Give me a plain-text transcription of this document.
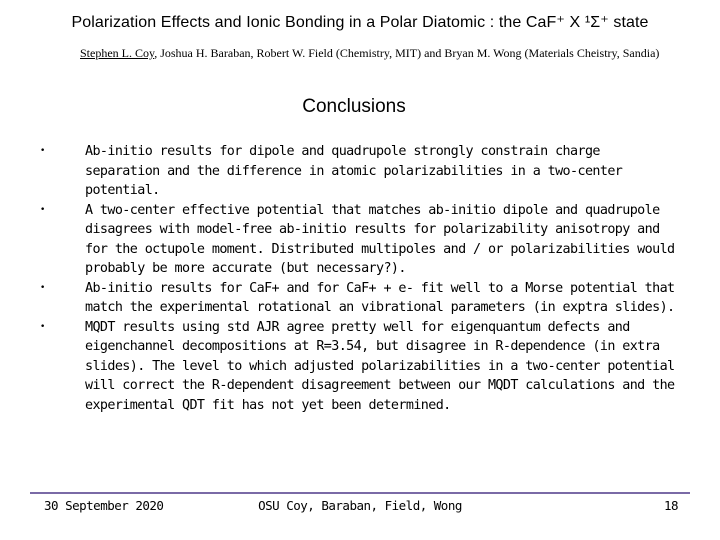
Polarization Effects and Ionic Bonding in a Polar Diatomic : the CaF⁺ X ¹Σ⁺ state
Stephen L. Coy, Joshua H. Baraban, Robert W. Field (Chemistry, MIT) and Bryan M. Wong (Materials Cheistry, Sandia)
Conclusions
•	Ab-initio results for dipole and quadrupole strongly constrain charge separation and the difference in atomic polarizabilities in a two-center potential.
•	A two-center effective potential that matches ab-initio dipole and quadrupole disagrees with model-free ab-initio results for polarizability anisotropy and for the octupole moment. Distributed multipoles and / or polarizabilities would probably be more accurate (but necessary?).
•	Ab-initio results for CaF+ and for CaF+ + e- fit well to a Morse potential that match the experimental rotational an vibrational parameters (in exptra slides).
•	MQDT results using std AJR agree pretty well for eigenquantum defects and eigenchannel decompositions at R=3.54, but disagree in R-dependence (in extra slides). The level to which adjusted polarizabilities in a two-center potential will correct the R-dependent disagreement between our MQDT calculations and the experimental QDT fit has not yet been determined.
30 September 2020	OSU Coy, Baraban, Field, Wong	18
